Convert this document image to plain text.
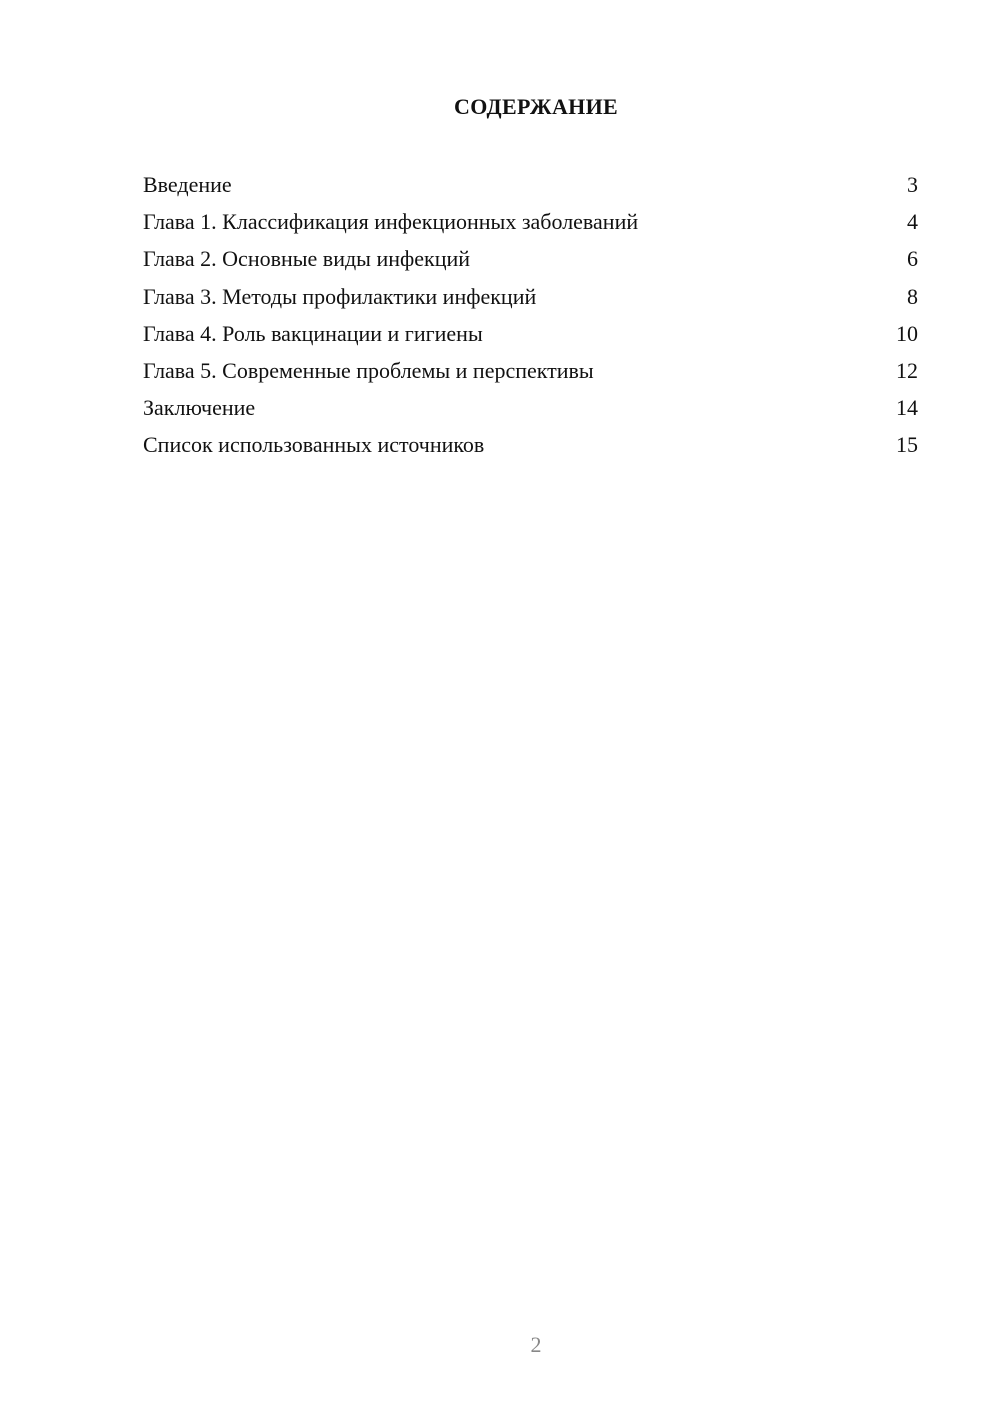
СОДЕРЖАНИЕ
Введение	3
Глава 1. Классификация инфекционных заболеваний	4
Глава 2. Основные виды инфекций	6
Глава 3. Методы профилактики инфекций	8
Глава 4. Роль вакцинации и гигиены	10
Глава 5. Современные проблемы и перспективы	12
Заключение	14
Список использованных источников	15
2
